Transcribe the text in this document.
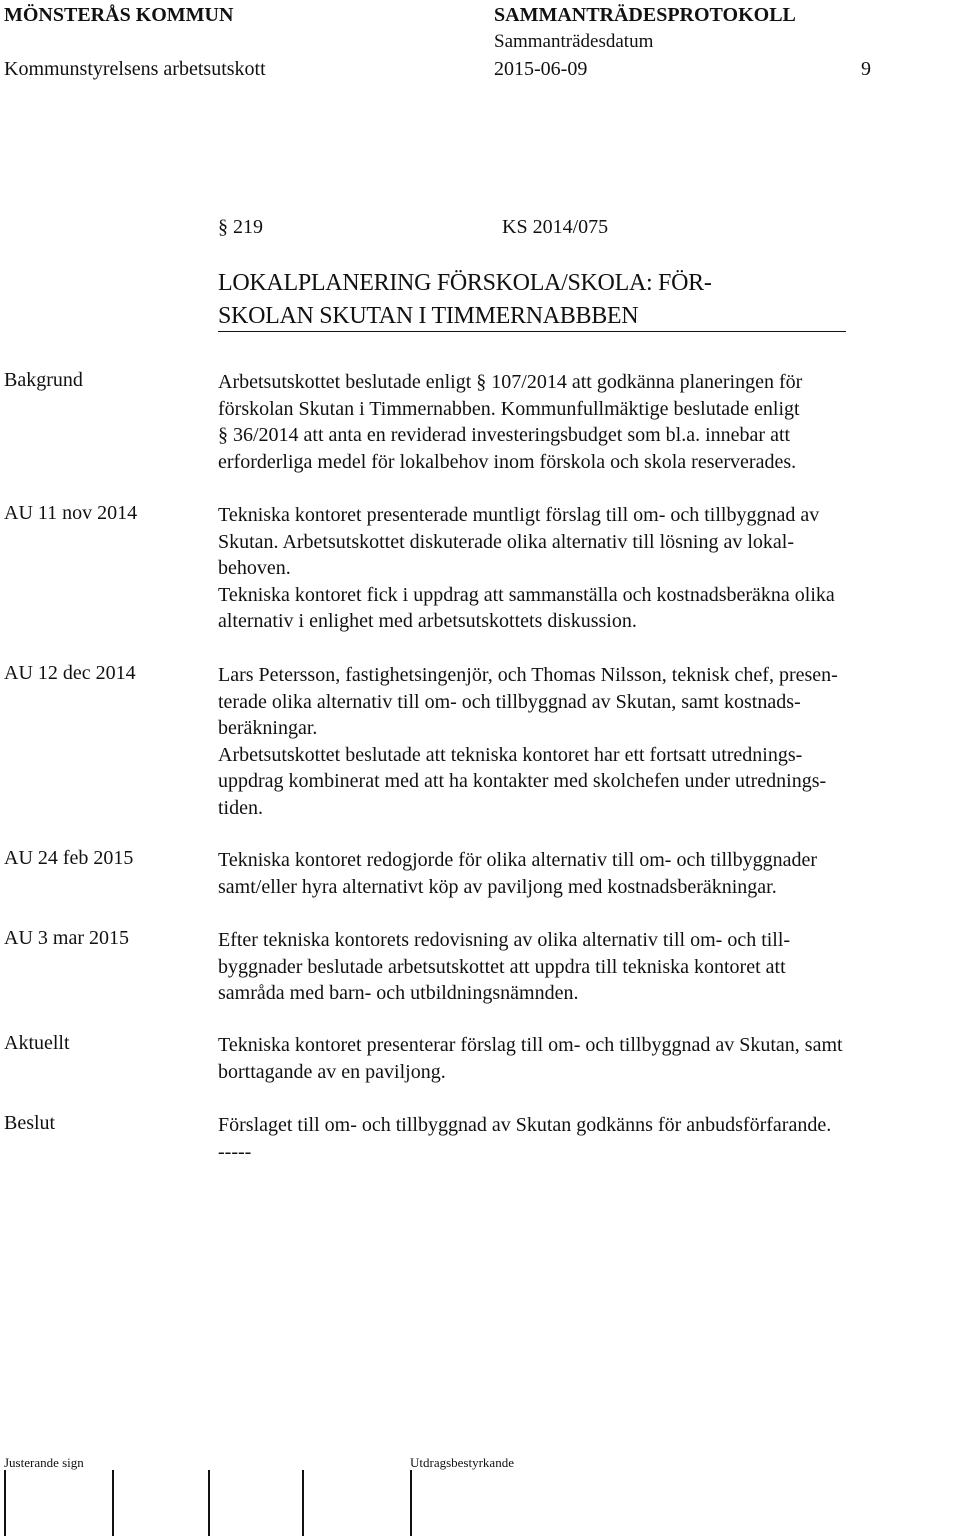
MÖNSTERÅS KOMMUN	SAMMANTRÄDESPROTOKOLL
Sammanträdesdatum
Kommunstyrelsens arbetsutskott	2015-06-09	9
§ 219	KS 2014/075
LOKALPLANERING FÖRSKOLA/SKOLA: FÖR-
SKOLAN SKUTAN I TIMMERNABBBEN
Bakgrund	Arbetsutskottet beslutade enligt § 107/2014 att godkänna planeringen för
förskolan Skutan i Timmernabben. Kommunfullmäktige beslutade enligt
§ 36/2014 att anta en reviderad investeringsbudget som bl.a. innebar att
erforderliga medel för lokalbehov inom förskola och skola reserverades.
AU 11 nov 2014	Tekniska kontoret presenterade muntligt förslag till om- och tillbyggnad av
Skutan. Arbetsutskottet diskuterade olika alternativ till lösning av lokal-
behoven.
Tekniska kontoret fick i uppdrag att sammanställa och kostnadsberäkna olika
alternativ i enlighet med arbetsutskottets diskussion.
AU 12 dec 2014	Lars Petersson, fastighetsingenjör, och Thomas Nilsson, teknisk chef, presen-
terade olika alternativ till om- och tillbyggnad av Skutan, samt kostnads-
beräkningar.
Arbetsutskottet beslutade att tekniska kontoret har ett fortsatt utrednings-
uppdrag kombinerat med att ha kontakter med skolchefen under utrednings-
tiden.
AU 24 feb 2015	Tekniska kontoret redogjorde för olika alternativ till om- och tillbyggnader
samt/eller hyra alternativt köp av paviljong med kostnadsberäkningar.
AU 3 mar 2015	Efter tekniska kontorets redovisning av olika alternativ till om- och till-
byggnader beslutade arbetsutskottet att uppdra till tekniska kontoret att
samråda med barn- och utbildningsnämnden.
Aktuellt	Tekniska kontoret presenterar förslag till om- och tillbyggnad av Skutan, samt
borttagande av en paviljong.
Beslut	Förslaget till om- och tillbyggnad av Skutan godkänns för anbudsförfarande.
-----
Justerande sign	Utdragsbestyrkande
